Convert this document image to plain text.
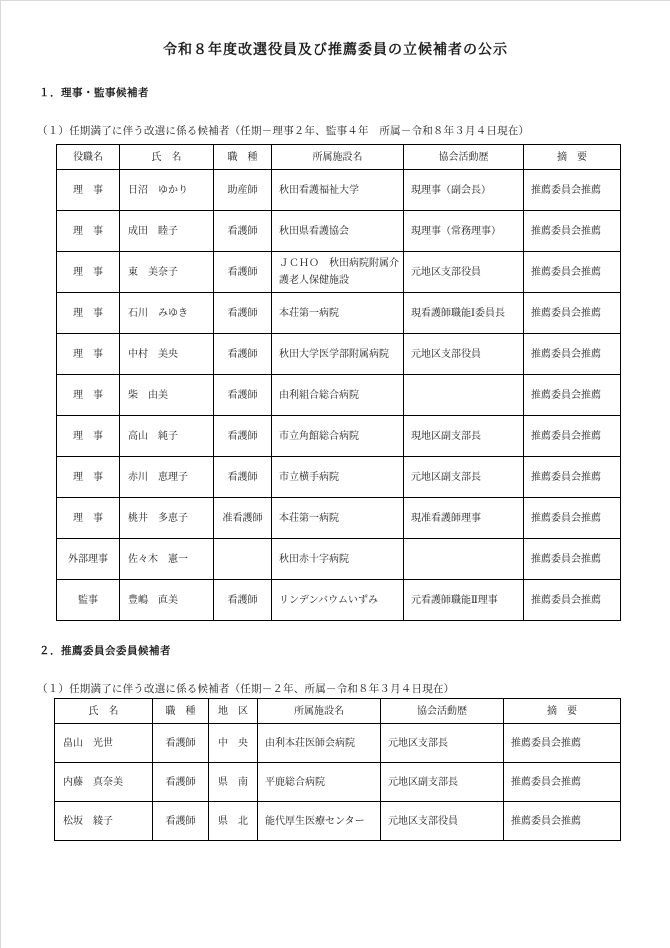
令和８年度改選役員及び推薦委員の立候補者の公示
１．理事・監事候補者
（１）任期満了に伴う改選に係る候補者（任期－理事２年、監事４年　所属－令和８年３月４日現在）
役職名	氏　名	職　種	所属施設名	協会活動歴	摘　要
理　事	日沼　ゆかり	助産師	秋田看護福祉大学	現理事（副会長）	推薦委員会推薦
理　事	成田　睦子	看護師	秋田県看護協会	現理事（常務理事）	推薦委員会推薦
理　事	東　美奈子	看護師	ＪＣＨＯ　秋田病院附属介護老人保健施設	元地区支部役員	推薦委員会推薦
理　事	石川　みゆき	看護師	本荘第一病院	現看護師職能Ⅰ委員長	推薦委員会推薦
理　事	中村　美央	看護師	秋田大学医学部附属病院	元地区支部役員	推薦委員会推薦
理　事	柴　由美	看護師	由利組合総合病院		推薦委員会推薦
理　事	高山　純子	看護師	市立角館総合病院	現地区副支部長	推薦委員会推薦
理　事	赤川　恵理子	看護師	市立横手病院	元地区副支部長	推薦委員会推薦
理　事	桃井　多恵子	准看護師	本荘第一病院	現准看護師理事	推薦委員会推薦
外部理事	佐々木　憲一		秋田赤十字病院		推薦委員会推薦
監事	豊嶋　直美	看護師	リンデンバウムいずみ	元看護師職能Ⅱ理事	推薦委員会推薦
２．推薦委員会委員候補者
（１）任期満了に伴う改選に係る候補者（任期－２年、所属－令和８年３月４日現在）
氏　名	職　種	地　区	所属施設名	協会活動歴	摘　要
畠山　光世	看護師	中　央	由利本荘医師会病院	元地区支部長	推薦委員会推薦
内藤　真奈美	看護師	県　南	平鹿総合病院	元地区副支部長	推薦委員会推薦
松坂　綾子	看護師	県　北	能代厚生医療センター	元地区支部役員	推薦委員会推薦
